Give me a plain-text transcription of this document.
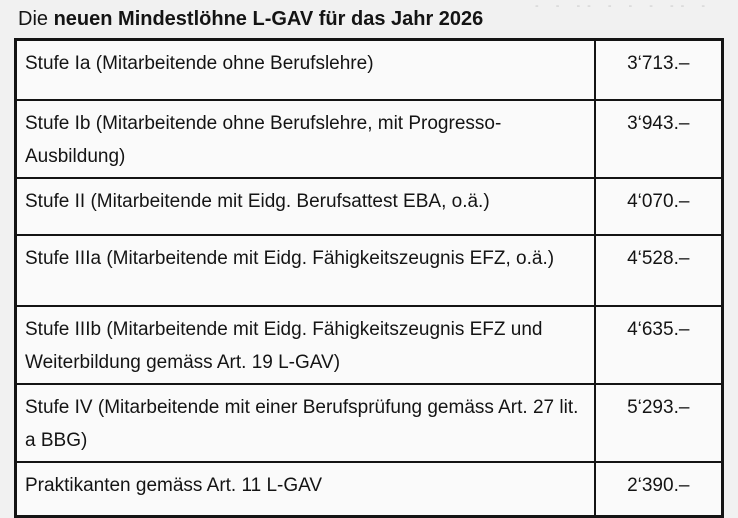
Die neuen Mindestlöhne L-GAV für das Jahr 2026
- - -- - - - -- -
Stufe Ia (Mitarbeitende ohne Berufslehre)	3‘713.–
Stufe Ib (Mitarbeitende ohne Berufslehre, mit Progresso-Ausbildung)	3‘943.–
Stufe II (Mitarbeitende mit Eidg. Berufsattest EBA, o.ä.)	4‘070.–
Stufe IIIa (Mitarbeitende mit Eidg. Fähigkeitszeugnis EFZ, o.ä.)	4‘528.–
Stufe IIIb (Mitarbeitende mit Eidg. Fähigkeitszeugnis EFZ und Weiterbildung gemäss Art. 19 L-GAV)	4‘635.–
Stufe IV (Mitarbeitende mit einer Berufsprüfung gemäss Art. 27 lit. a BBG)	5‘293.–
Praktikanten gemäss Art. 11 L-GAV	2‘390.–
